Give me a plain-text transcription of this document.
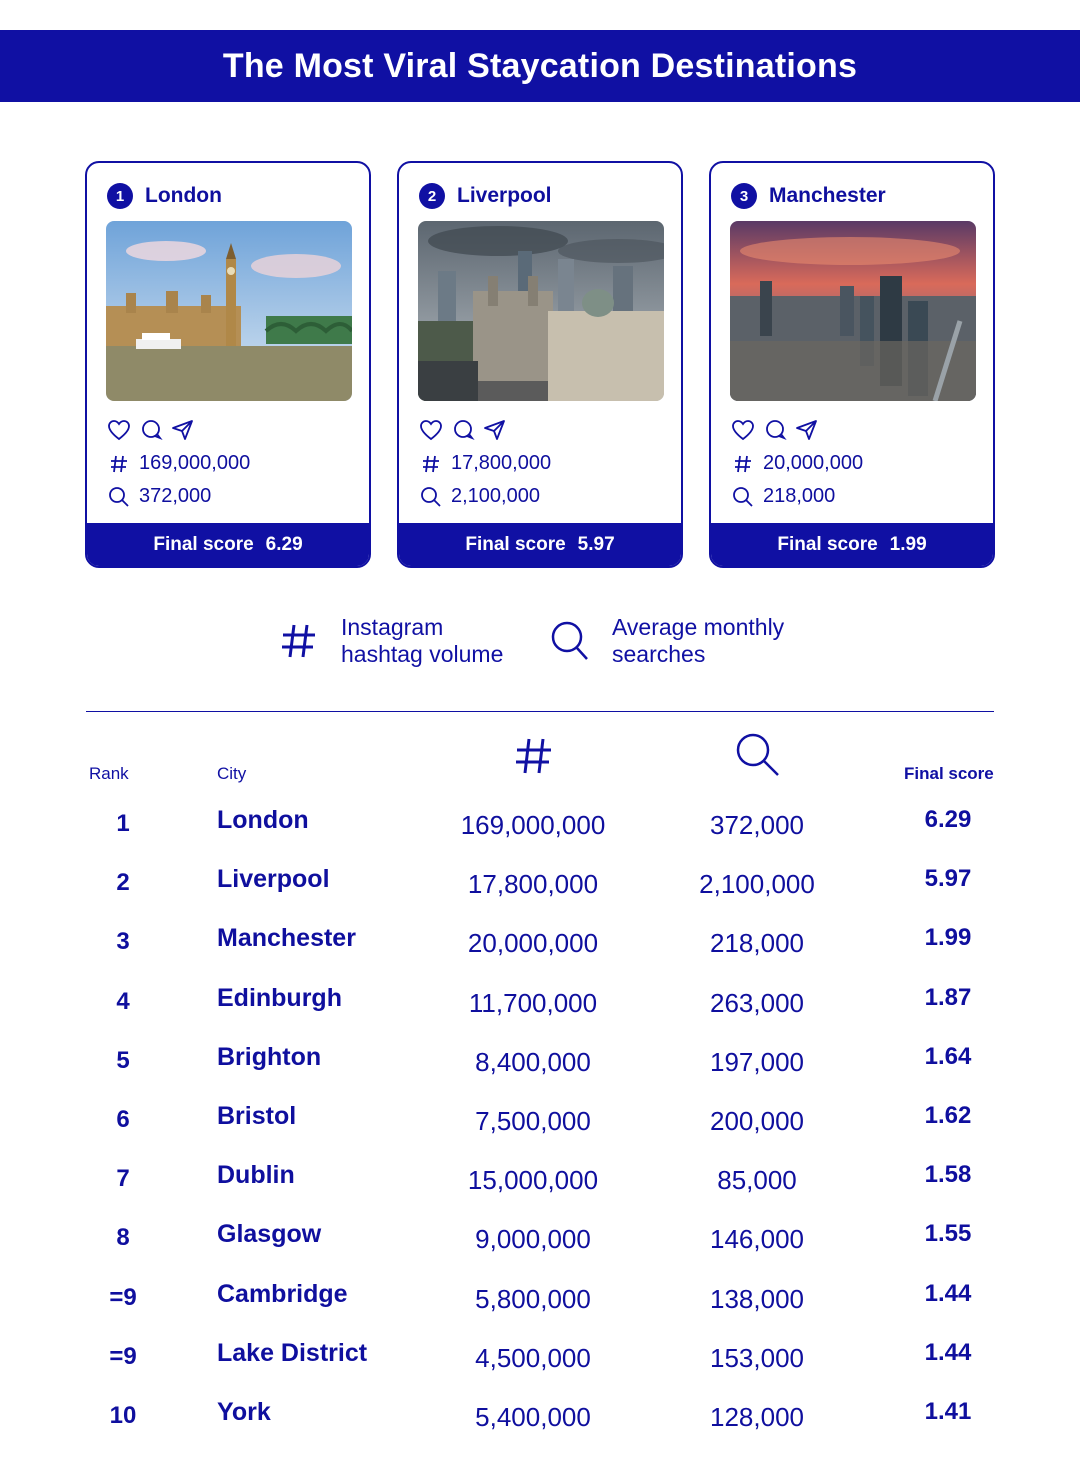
The Most Viral Staycation Destinations
1 London
169,000,000
372,000
Final score 6.29
2 Liverpool
17,800,000
2,100,000
Final score 5.97
3 Manchester
20,000,000
218,000
Final score 1.99
Instagram
hashtag volume
Average monthly
searches
Rank	City	Final score
1	London	169,000,000	372,000	6.29
2	Liverpool	17,800,000	2,100,000	5.97
3	Manchester	20,000,000	218,000	1.99
4	Edinburgh	11,700,000	263,000	1.87
5	Brighton	8,400,000	197,000	1.64
6	Bristol	7,500,000	200,000	1.62
7	Dublin	15,000,000	85,000	1.58
8	Glasgow	9,000,000	146,000	1.55
=9	Cambridge	5,800,000	138,000	1.44
=9	Lake District	4,500,000	153,000	1.44
10	York	5,400,000	128,000	1.41
